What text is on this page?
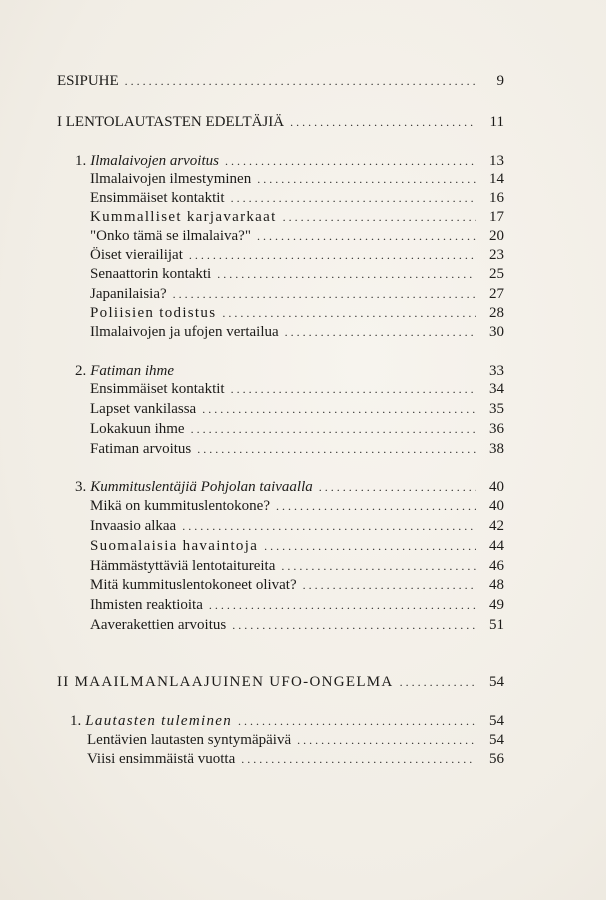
ESIPUHE . . .	9
I LENTOLAUTASTEN EDELTÄJIÄ . . .	11
1. Ilmalaivojen arvoitus . . .	13
Ilmalaivojen ilmestyminen . . .	14
Ensimmäiset kontaktit . . .	16
Kummalliset karjavarkaat . . .	17
"Onko tämä se ilmalaiva?" . . .	20
Öiset vierailijat . . .	23
Senaattorin kontakti . . .	25
Japanilaisia? . . .	27
Poliisien todistus . . .	28
Ilmalaivojen ja ufojen vertailua . . .	30
2. Fatiman ihme	33
Ensimmäiset kontaktit . . .	34
Lapset vankilassa . . .	35
Lokakuun ihme . . .	36
Fatiman arvoitus . . .	38
3. Kummituslentäjiä Pohjolan taivaalla . . .	40
Mikä on kummituslentokone? . . .	40
Invaasio alkaa . . .	42
Suomalaisia havaintoja . . .	44
Hämmästyttäviä lentotaitureita . . .	46
Mitä kummituslentokoneet olivat? . . .	48
Ihmisten reaktioita . . .	49
Aaverakettien arvoitus . . .	51
II MAAILMANLAAJUINEN UFO-ONGELMA . . .	54
1. Lautasten tuleminen . . .	54
Lentävien lautasten syntymäpäivä . . .	54
Viisi ensimmäistä vuotta . . .	56
